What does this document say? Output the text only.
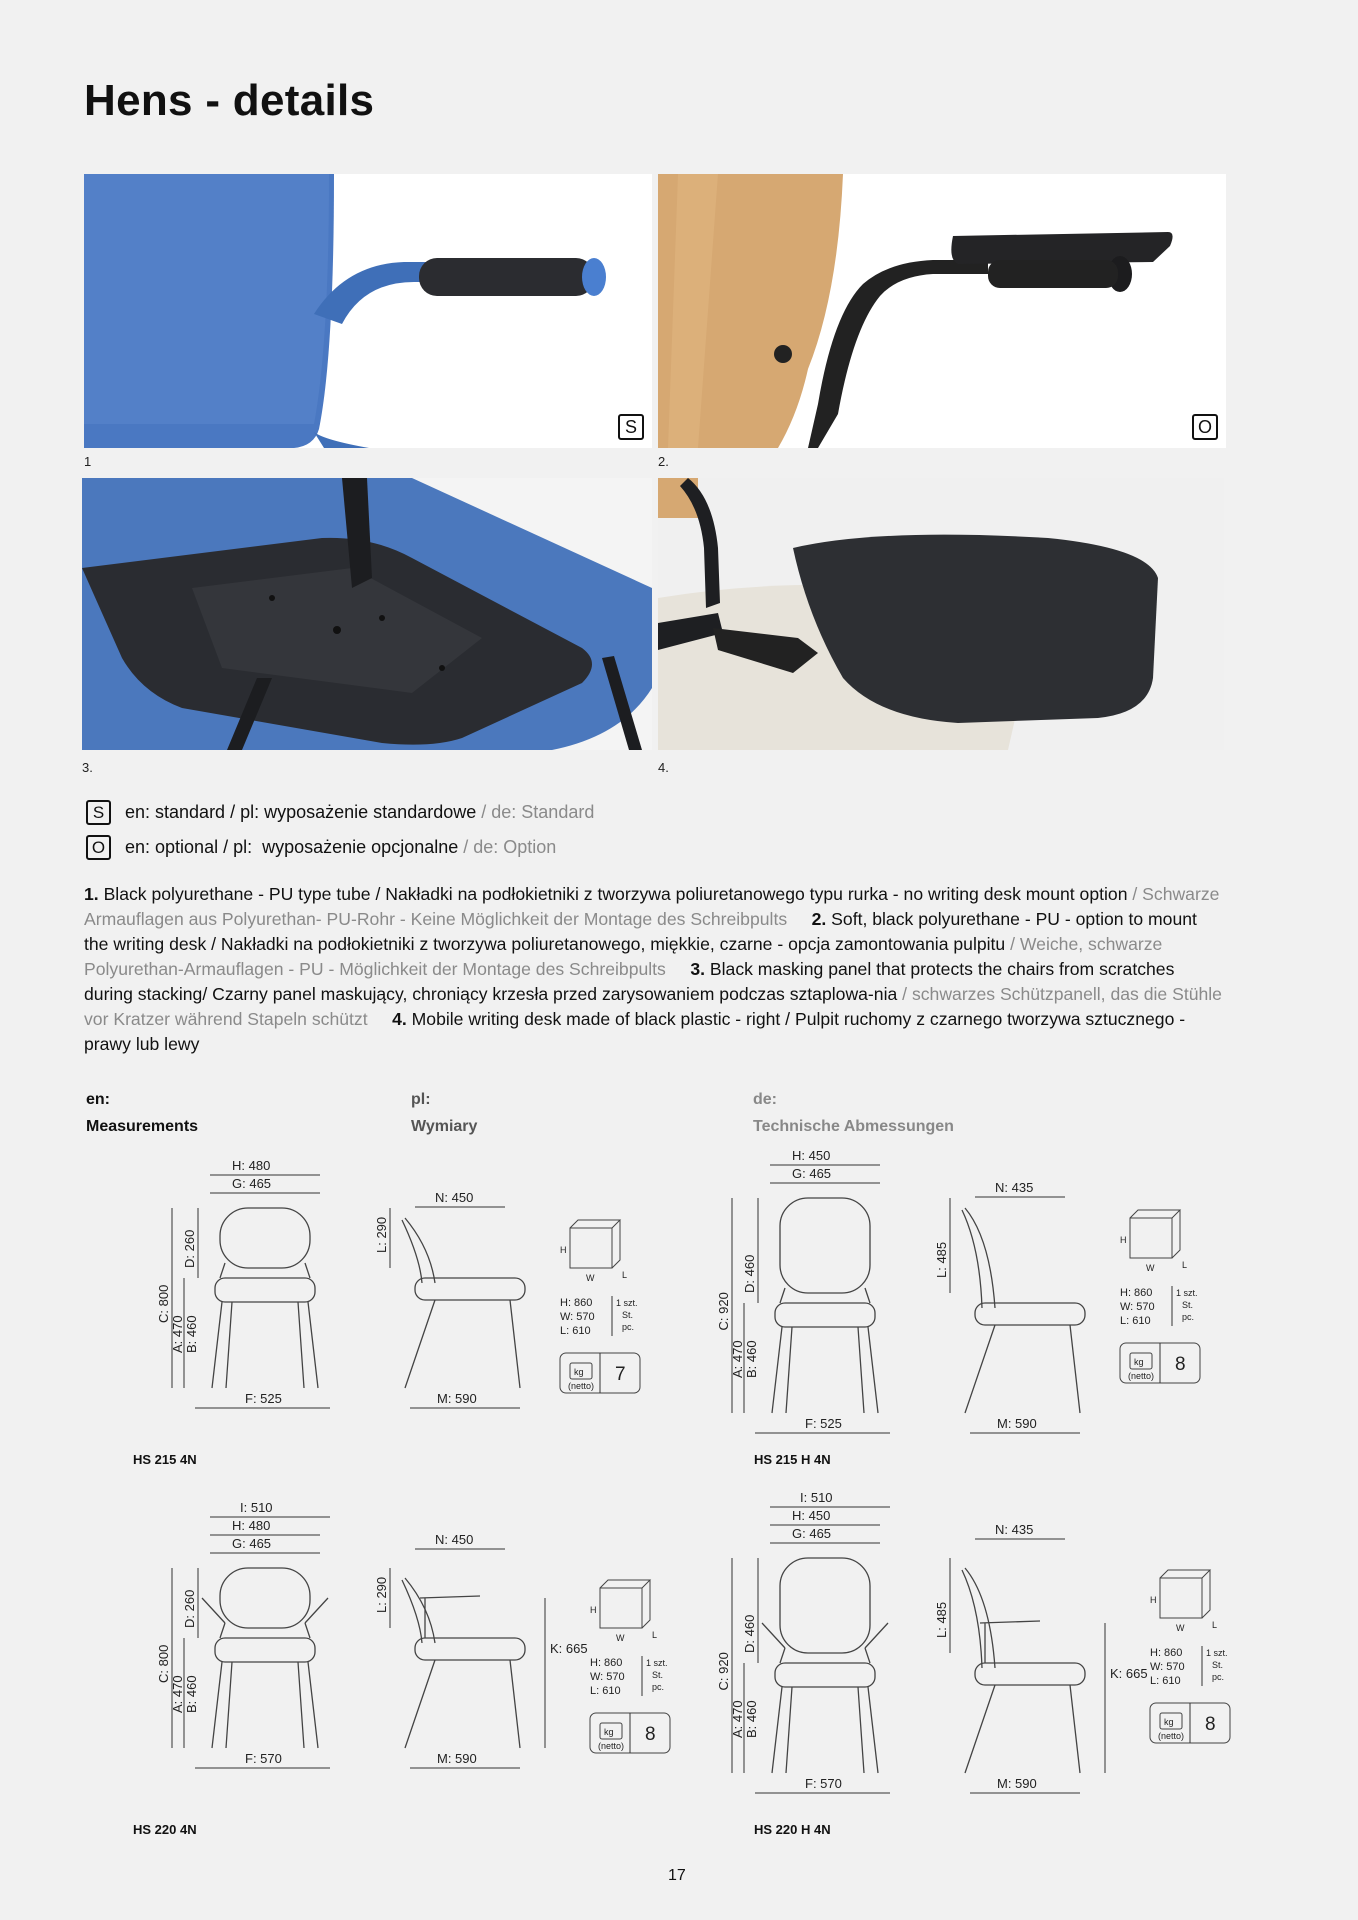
Hens - details
S
1
O
2.
3.	4.
S	en: standard / pl: wyposażenie standardowe / de: Standard
O	en: optional / pl:  wyposażenie opcjonalne / de: Option
1. Black polyurethane - PU type tube / Nakładki na podłokietniki z tworzywa poliuretanowego typu rurka - no writing desk mount option / Schwarze Armauflagen aus Polyurethan- PU-Rohr - Keine Möglichkeit der Montage des Schreibpults 2. Soft, black polyurethane - PU - option to mount the writing desk / Nakładki na podłokietniki z tworzywa poliuretanowego, miękkie, czarne - opcja zamontowania pulpitu / Weiche, schwarze Polyurethan-Armauflagen - PU - Möglichkeit der Montage des Schreibpults 3. Black masking panel that protects the chairs from scratches during stacking/ Czarny panel maskujący, chroniący krzesła przed zarysowaniem podczas sztaplowa-nia / schwarzes Schützpanell, das die Stühle vor Kratzer während Stapeln schützt 4. Mobile writing desk made of black plastic - right / Pulpit ruchomy z czarnego tworzywa sztucznego - prawy lub lewy
en:
Measurements
pl:
Wymiary
de:
Technische Abmessungen
H: 480
G: 465
D: 260
C: 800
A: 470 B: 460
F: 525
N: 450
L: 290
M: 590
H
W	L
H: 860
W: 570
L: 610
1 szt.
St.
pc.
kg
(netto)
7
H: 450
G: 465
D: 460
C: 920
A: 470 B: 460
F: 525
N: 435
L: 485
M: 590
H
W	L
H: 860
W: 570
L: 610
1 szt.
St.
pc.
kg
(netto)
8
I: 510
H: 480
G: 465
D: 260
C: 800
A: 470 B: 460
F: 570
N: 450
L: 290
M: 590
K: 665
H
W	L
H: 860
W: 570
L: 610
1 szt.
St.
pc.
kg
(netto)
8
I: 510
H: 450
G: 465
D: 460
C: 920
A: 470 B: 460
F: 570
N: 435
L: 485
M: 590
K: 665
H
W	L
H: 860
W: 570
L: 610
1 szt.
St.
pc.
kg
(netto)
8
HS 215 4N	HS 215 H 4N
HS 220 4N	HS 220 H 4N
17
